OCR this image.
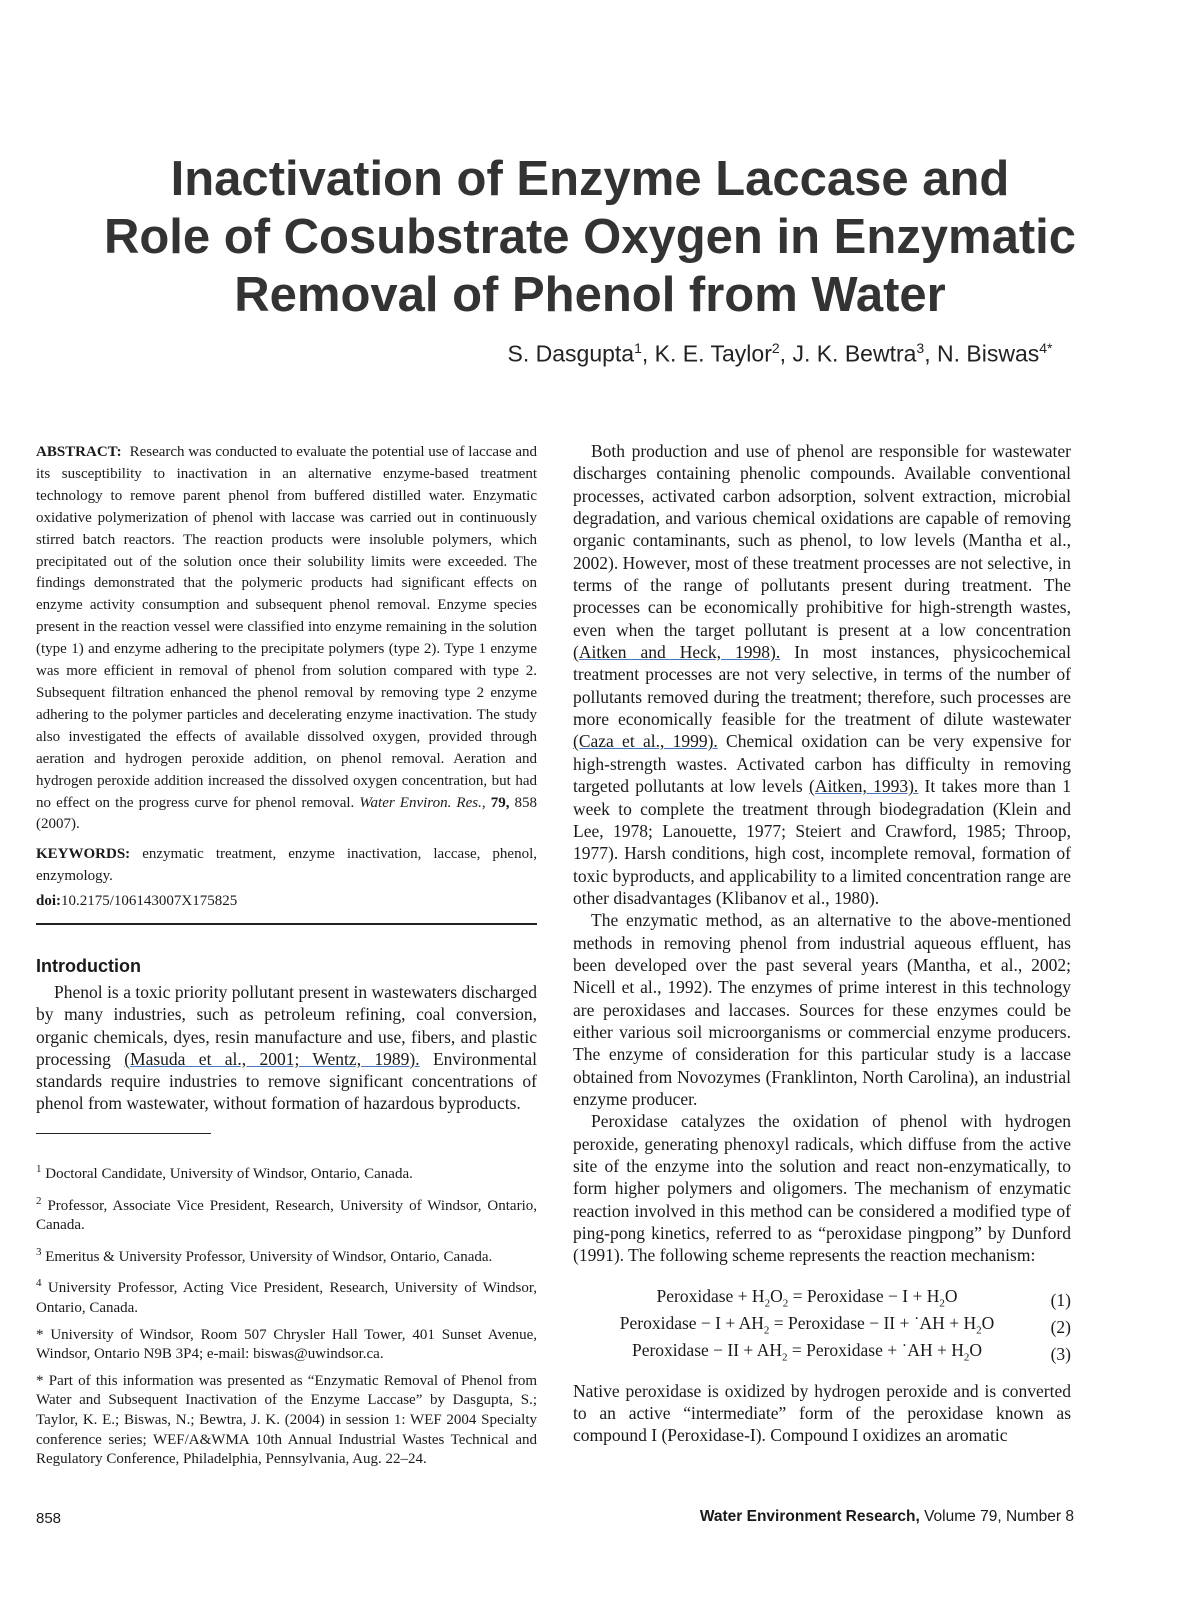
Inactivation of Enzyme Laccase and
Role of Cosubstrate Oxygen in Enzymatic
Removal of Phenol from Water
S. Dasgupta$^1$, K. E. Taylor$^2$, J. K. Bewtra$^3$, N. Biswas$^{4*}$
ABSTRACT: Research was conducted to evaluate the potential use of laccase and its susceptibility to inactivation in an alternative enzyme-based treatment technology to remove parent phenol from buffered distilled water. Enzymatic oxidative polymerization of phenol with laccase was carried out in continuously stirred batch reactors. The reaction products were insoluble polymers, which precipitated out of the solution once their solubility limits were exceeded. The findings demonstrated that the polymeric products had significant effects on enzyme activity consumption and subsequent phenol removal. Enzyme species present in the reaction vessel were classified into enzyme remaining in the solution (type 1) and enzyme adhering to the precipitate polymers (type 2). Type 1 enzyme was more efficient in removal of phenol from solution compared with type 2. Subsequent filtration enhanced the phenol removal by removing type 2 enzyme adhering to the polymer particles and decelerating enzyme inactivation. The study also investigated the effects of available dissolved oxygen, provided through aeration and hydrogen peroxide addition, on phenol removal. Aeration and hydrogen peroxide addition increased the dissolved oxygen concentration, but had no effect on the progress curve for phenol removal. Water Environ. Res., 79, 858 (2007).
KEYWORDS: enzymatic treatment, enzyme inactivation, laccase, phenol, enzymology.
doi:10.2175/106143007X175825
Introduction

Phenol is a toxic priority pollutant present in wastewaters discharged by many industries, such as petroleum refining, coal conversion, organic chemicals, dyes, resin manufacture and use, fibers, and plastic processing (Masuda et al., 2001; Wentz, 1989). Environmental standards require industries to remove significant concentrations of phenol from wastewater, without formation of hazardous byproducts.

$^1$ Doctoral Candidate, University of Windsor, Ontario, Canada.

$^2$ Professor, Associate Vice President, Research, University of Windsor, Ontario, Canada.

$^3$ Emeritus & University Professor, University of Windsor, Ontario, Canada.

$^4$ University Professor, Acting Vice President, Research, University of Windsor, Ontario, Canada.

* University of Windsor, Room 507 Chrysler Hall Tower, 401 Sunset Avenue, Windsor, Ontario N9B 3P4; e-mail: biswas@uwindsor.ca.

* Part of this information was presented as “Enzymatic Removal of Phenol from Water and Subsequent Inactivation of the Enzyme Laccase” by Dasgupta, S.; Taylor, K. E.; Biswas, N.; Bewtra, J. K. (2004) in session 1: WEF 2004 Specialty conference series; WEF/A&WMA 10th Annual Industrial Wastes Technical and Regulatory Conference, Philadelphia, Pennsylvania, Aug. 22–24.

Both production and use of phenol are responsible for wastewater discharges containing phenolic compounds. Available conventional processes, activated carbon adsorption, solvent extraction, microbial degradation, and various chemical oxidations are capable of removing organic contaminants, such as phenol, to low levels (Mantha et al., 2002). However, most of these treatment processes are not selective, in terms of the range of pollutants present during treatment. The processes can be economically prohibitive for high-strength wastes, even when the target pollutant is present at a low concentration (Aitken and Heck, 1998). In most instances, physicochemical treatment processes are not very selective, in terms of the number of pollutants removed during the treatment; therefore, such processes are more economically feasible for the treatment of dilute wastewater (Caza et al., 1999). Chemical oxidation can be very expensive for high-strength wastes. Activated carbon has difficulty in removing targeted pollutants at low levels (Aitken, 1993). It takes more than 1 week to complete the treatment through biodegradation (Klein and Lee, 1978; Lanouette, 1977; Steiert and Crawford, 1985; Throop, 1977). Harsh conditions, high cost, incomplete removal, formation of toxic byproducts, and applicability to a limited concentration range are other disadvantages (Klibanov et al., 1980).

The enzymatic method, as an alternative to the above-mentioned methods in removing phenol from industrial aqueous effluent, has been developed over the past several years (Mantha, et al., 2002; Nicell et al., 1992). The enzymes of prime interest in this technology are peroxidases and laccases. Sources for these enzymes could be either various soil microorganisms or commercial enzyme producers. The enzyme of consideration for this particular study is a laccase obtained from Novozymes (Franklinton, North Carolina), an industrial enzyme producer.

Peroxidase catalyzes the oxidation of phenol with hydrogen peroxide, generating phenoxyl radicals, which diffuse from the active site of the enzyme into the solution and react non-enzymatically, to form higher polymers and oligomers. The mechanism of enzymatic reaction involved in this method can be considered a modified type of ping-pong kinetics, referred to as “peroxidase pingpong” by Dunford (1991). The following scheme represents the reaction mechanism:

Peroxidase + $H_2O_2$ = Peroxidase − $I + H_2O$	(1)
Peroxidase − $I + AH_2$ = Peroxidase − II + ˙AH + $H_2O$	(2)
Peroxidase − II + $AH_2$ = Peroxidase + ˙AH + $H_2O$	(3)

Native peroxidase is oxidized by hydrogen peroxide and is converted to an active “intermediate” form of the peroxidase known as compound I (Peroxidase-I). Compound I oxidizes an aromatic

858	Water Environment Research, Volume 79, Number 8
